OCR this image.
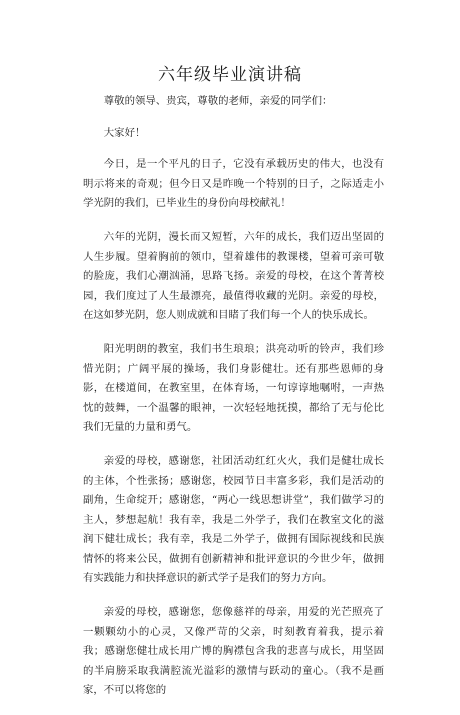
六年级毕业演讲稿

尊敬的领导、贵宾，尊敬的老师，亲爱的同学们：

大家好！

今日，是一个平凡的日子，它没有承载历史的伟大，也没有明示将来的奇观；但今日又是昨晚一个特别的日子，之际适走小学光阴的我们，已毕业生的身份向母校献礼！

六年的光阴，漫长而又短暂，六年的成长，我们迈出坚固的人生步履。望着胸前的领巾，望着雄伟的教课楼，望着可亲可敬的脸庞，我们心潮汹涌，思路飞扬。亲爱的母校，在这个菁菁校园，我们度过了人生最漂亮，最值得收藏的光阴。亲爱的母校，在这如梦光阴，您人则成就和目睹了我们每一个人的快乐成长。

阳光明朗的教室，我们书生琅琅；洪亮动听的铃声，我们珍惜光阴；广阔平展的操场，我们身影健壮。还有那些恩师的身影，在楼道间，在教室里，在体育场，一句谆谆地嘱咐，一声热忱的鼓舞，一个温馨的眼神，一次轻轻地抚摸，都给了无与伦比我们无量的力量和勇气。

亲爱的母校，感谢您，社团活动红红火火，我们是健壮成长的主体，个性张扬；感谢您，校园节日丰富多彩，我们是活动的副角，生命绽开；感谢您，“两心一线思想讲堂”，我们做学习的主人，梦想起航！我有幸，我是二外学子，我们在教室文化的滋润下健壮成长；我有幸，我是二外学子，做拥有国际视线和民族情怀的将来公民，做拥有创新精神和批评意识的今世少年，做拥有实践能力和抉择意识的新式学子是我们的努力方向。

亲爱的母校，感谢您，您像慈祥的母亲，用爱的光芒照亮了一颗颗幼小的心灵，又像严苛的父亲，时刻教育着我，提示着我；感谢您健壮成长用广博的胸襟包含我的悲喜与成长，用坚固的半肩膀采取我满腔流光溢彩的激情与跃动的童心。（我不是画家，不可以将您的
